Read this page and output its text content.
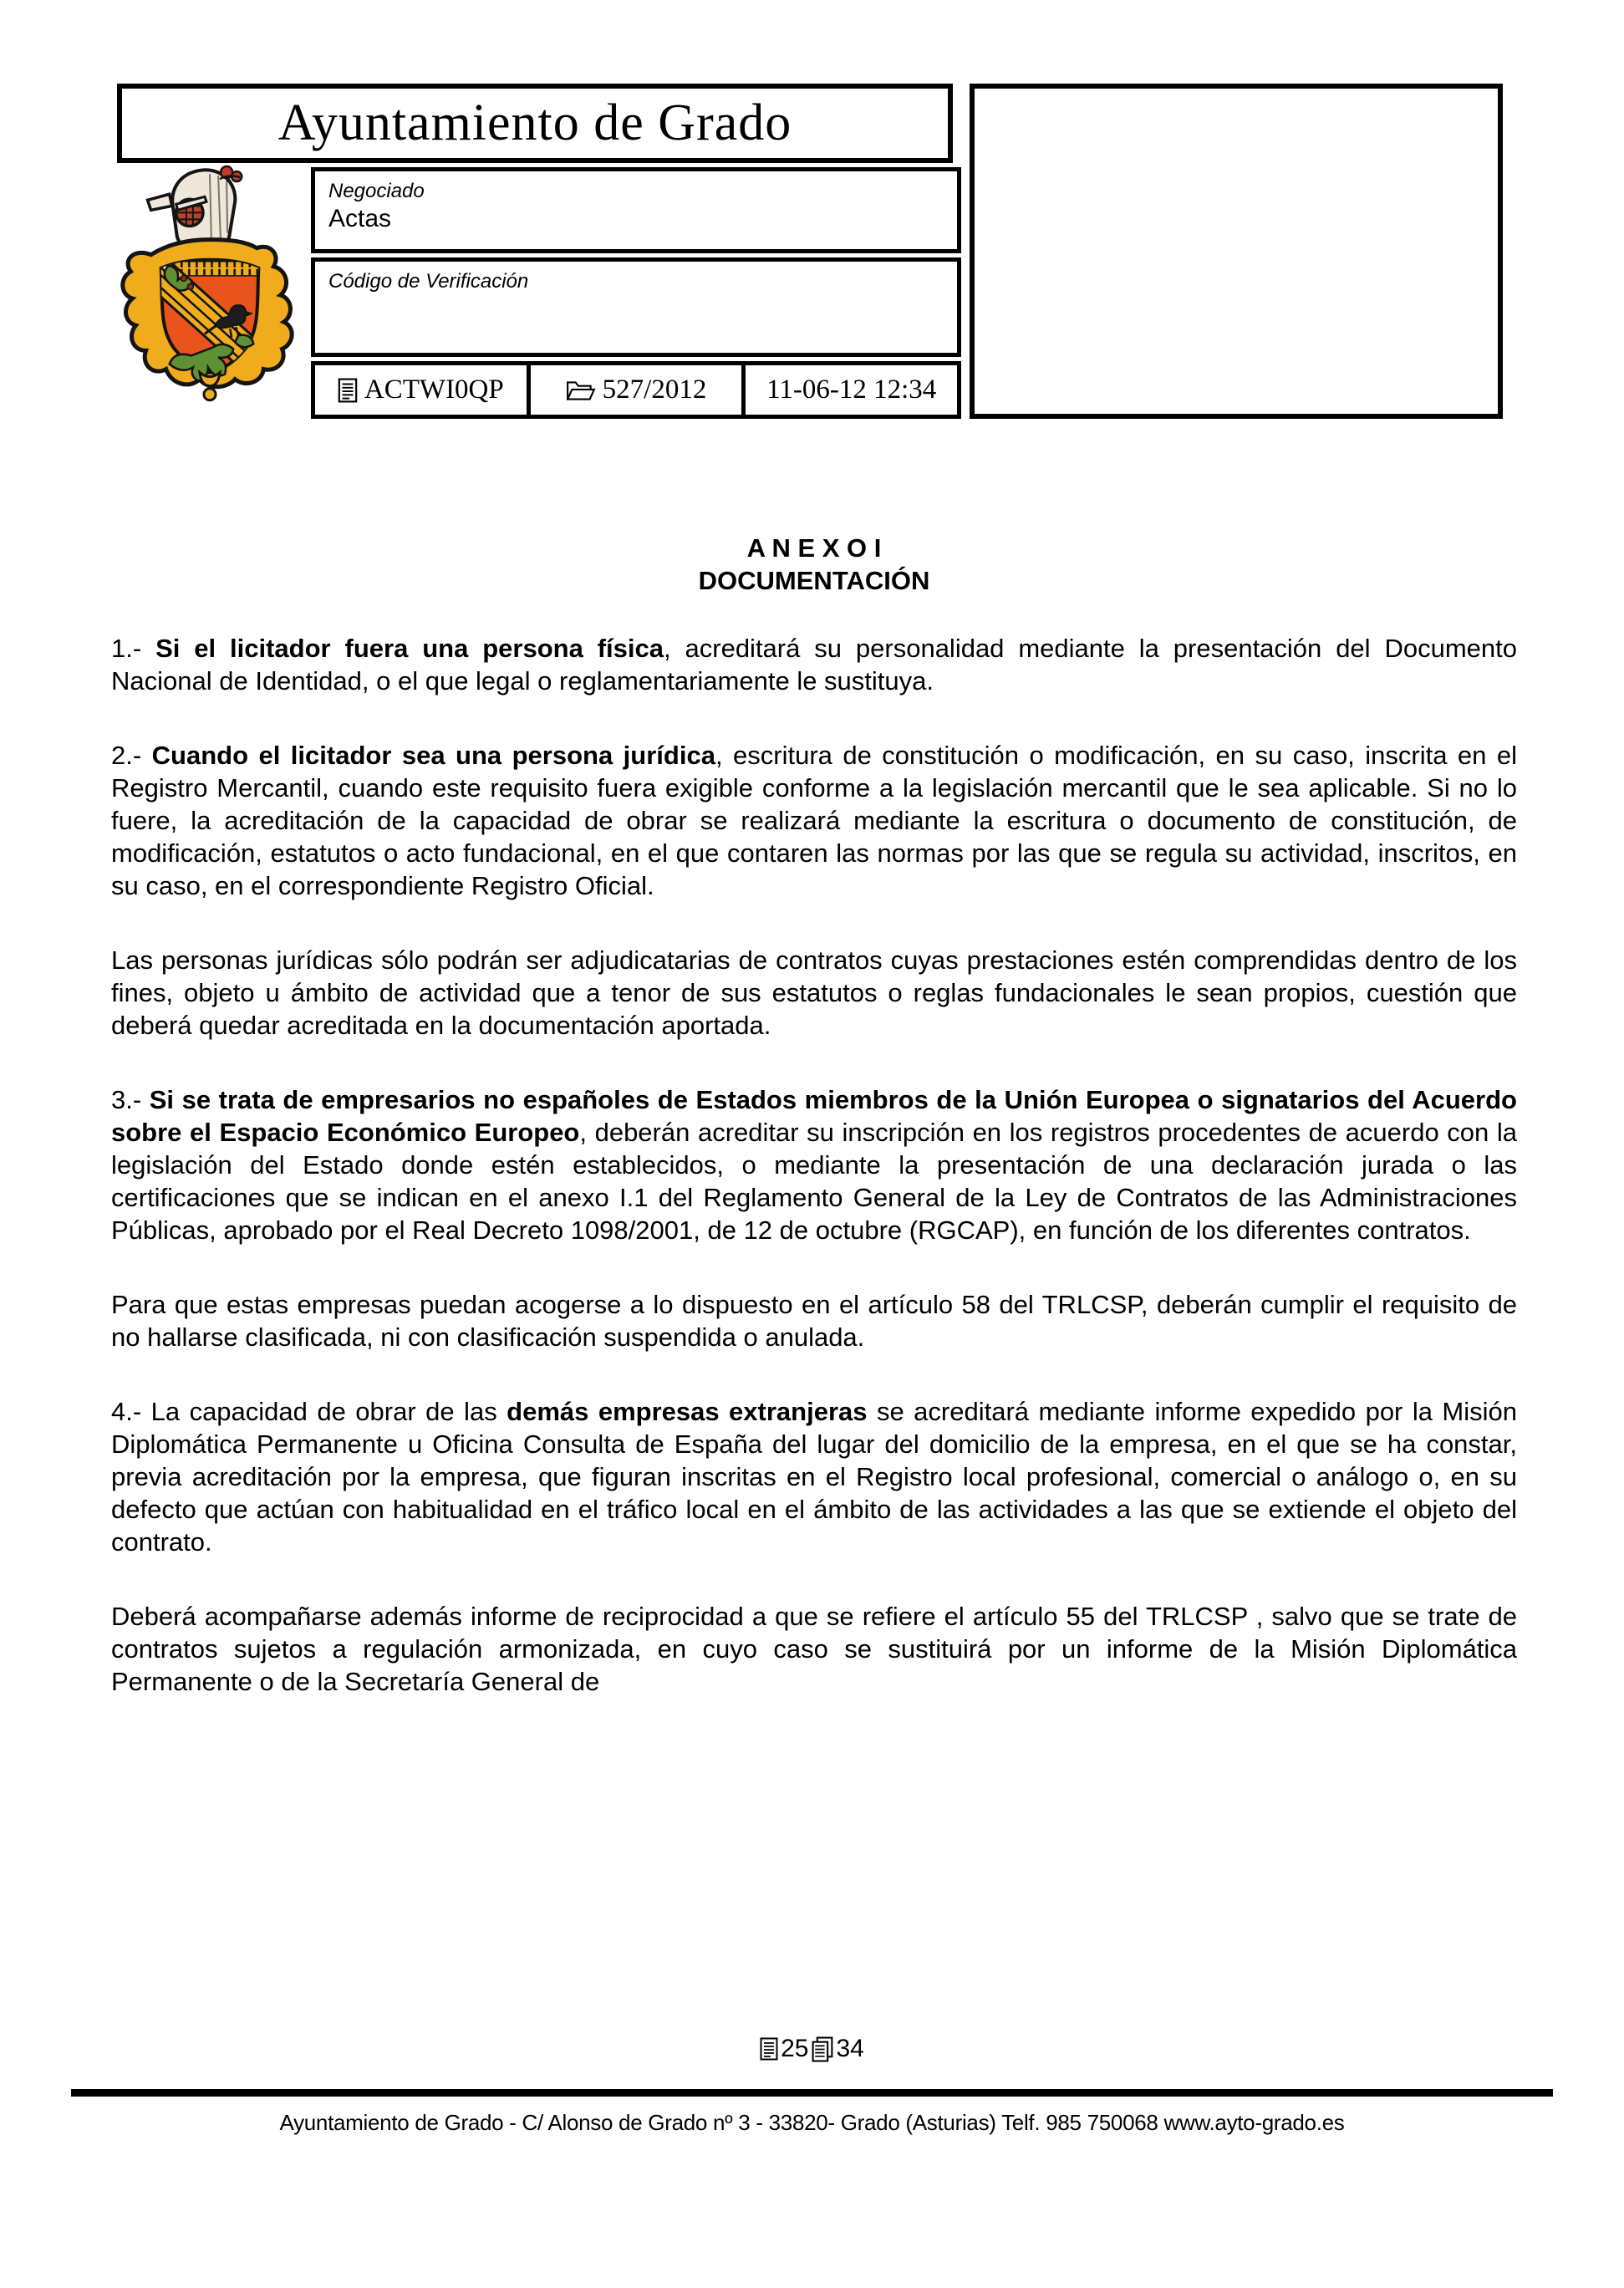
Ayuntamiento de Grado
Negociado
Actas
Código de Verificación
ACTWI0QP	527/2012 11-06-12 12:34
A N E X O I
DOCUMENTACIÓN

1.- Si el licitador fuera una persona física, acreditará su personalidad mediante la presentación del Documento Nacional de Identidad, o el que legal o reglamentariamente le sustituya.

2.- Cuando el licitador sea una persona jurídica, escritura de constitución o modificación, en su caso, inscrita en el Registro Mercantil, cuando este requisito fuera exigible conforme a la legislación mercantil que le sea aplicable. Si no lo fuere, la acreditación de la capacidad de obrar se realizará mediante la escritura o documento de constitución, de modificación, estatutos o acto fundacional, en el que contaren las normas por las que se regula su actividad, inscritos, en su caso, en el correspondiente Registro Oficial.

Las personas jurídicas sólo podrán ser adjudicatarias de contratos cuyas prestaciones estén comprendidas dentro de los fines, objeto u ámbito de actividad que a tenor de sus estatutos o reglas fundacionales le sean propios, cuestión que deberá quedar acreditada en la documentación aportada.

3.- Si se trata de empresarios no españoles de Estados miembros de la Unión Europea o signatarios del Acuerdo sobre el Espacio Económico Europeo, deberán acreditar su inscripción en los registros procedentes de acuerdo con la legislación del Estado donde estén establecidos, o mediante la presentación de una declaración jurada o las certificaciones que se indican en el anexo I.1 del Reglamento General de la Ley de Contratos de las Administraciones Públicas, aprobado por el Real Decreto 1098/2001, de 12 de octubre (RGCAP), en función de los diferentes contratos.

Para que estas empresas puedan acogerse a lo dispuesto en el artículo 58 del TRLCSP, deberán cumplir el requisito de no hallarse clasificada, ni con clasificación suspendida o anulada.

4.- La capacidad de obrar de las demás empresas extranjeras se acreditará mediante informe expedido por la Misión Diplomática Permanente u Oficina Consulta de España del lugar del domicilio de la empresa, en el que se ha constar, previa acreditación por la empresa, que figuran inscritas en el Registro local profesional, comercial o análogo o, en su defecto que actúan con habitualidad en el tráfico local en el ámbito de las actividades a las que se extiende el objeto del contrato.

Deberá acompañarse además informe de reciprocidad a que se refiere el artículo 55 del TRLCSP , salvo que se trate de contratos sujetos a regulación armonizada, en cuyo caso se sustituirá por un informe de la Misión Diplomática Permanente o de la Secretaría General de

25 34
Ayuntamiento de Grado - C/ Alonso de Grado nº 3 - 33820- Grado (Asturias) Telf. 985 750068 www.ayto-grado.es
